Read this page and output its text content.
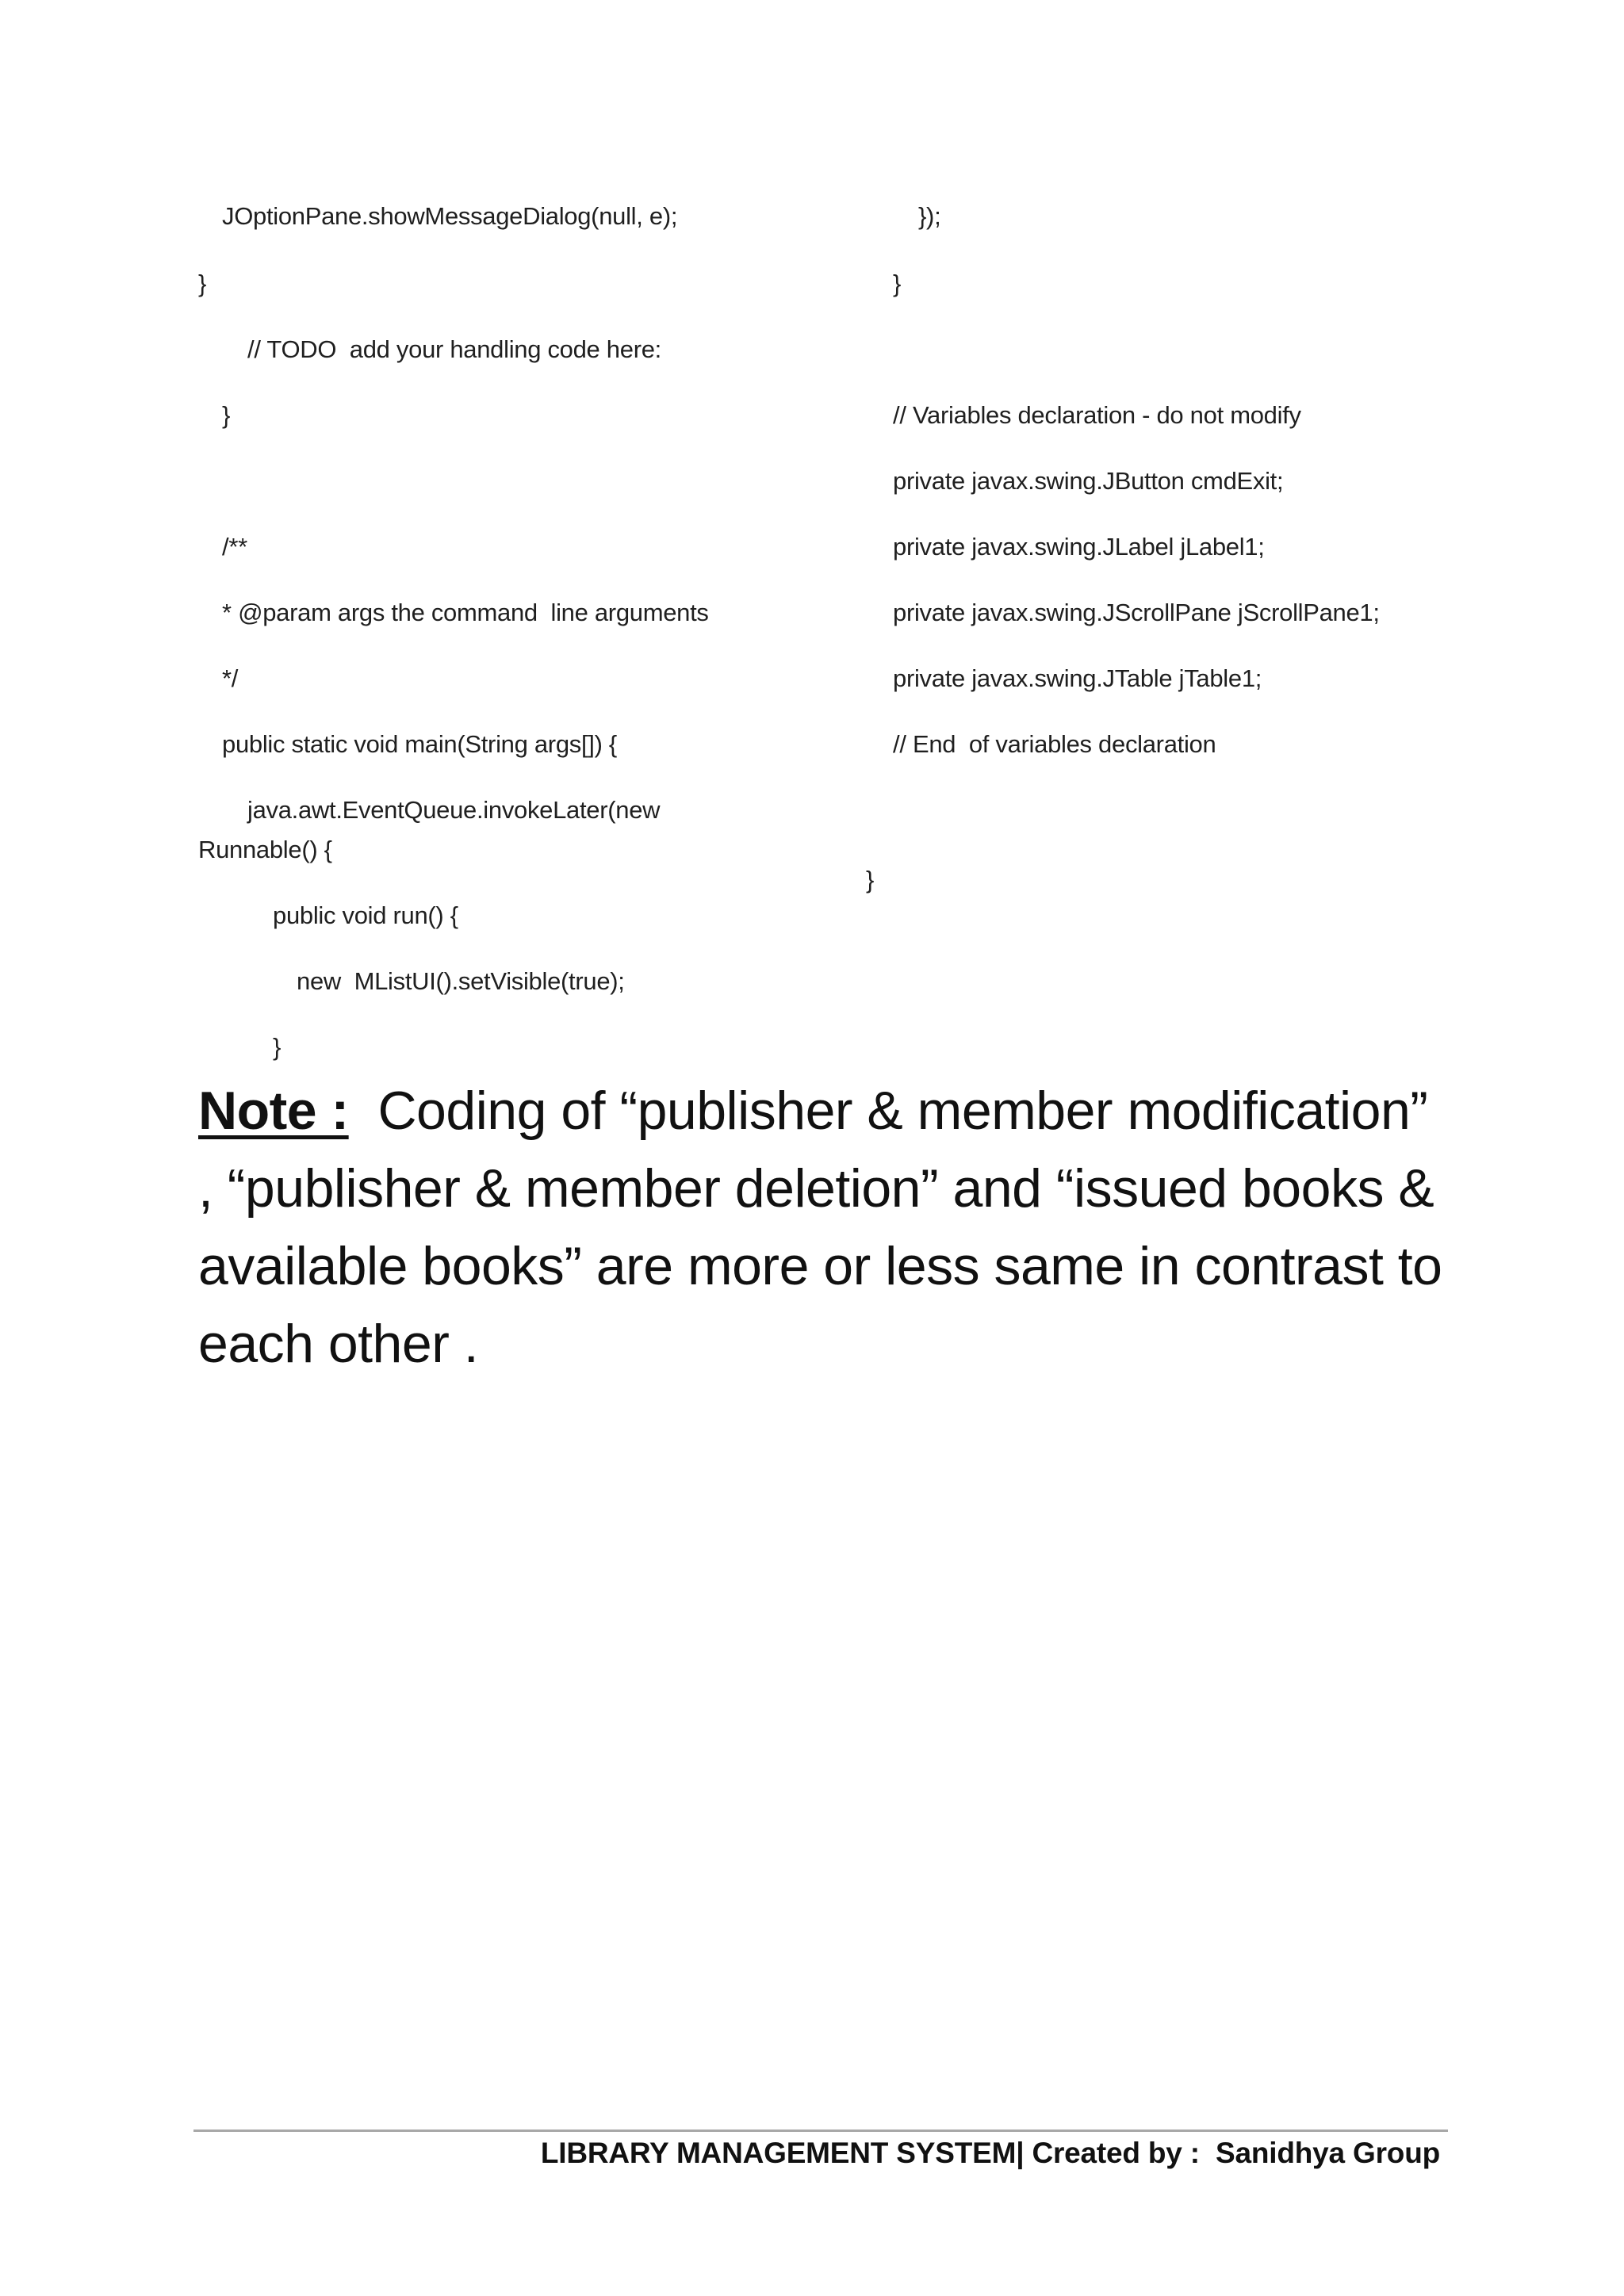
JOptionPane.showMessageDialog(null, e);
}
// TODO  add your handling code here:
}
/**
* @param args the command  line arguments
*/
public static void main(String args[]) {
java.awt.EventQueue.invokeLater(new
Runnable() {
public void run() {
new  MListUI().setVisible(true);
}
});
}
// Variables declaration - do not modify
private javax.swing.JButton cmdExit;
private javax.swing.JLabel jLabel1;
private javax.swing.JScrollPane jScrollPane1;
private javax.swing.JTable jTable1;
// End  of variables declaration
}
Note : Coding of “publisher & member modification” , “publisher & member deletion” and “issued books & available books” are more or less same in contrast to each other .
LIBRARY MANAGEMENT SYSTEM| Created by :  Sanidhya Group
